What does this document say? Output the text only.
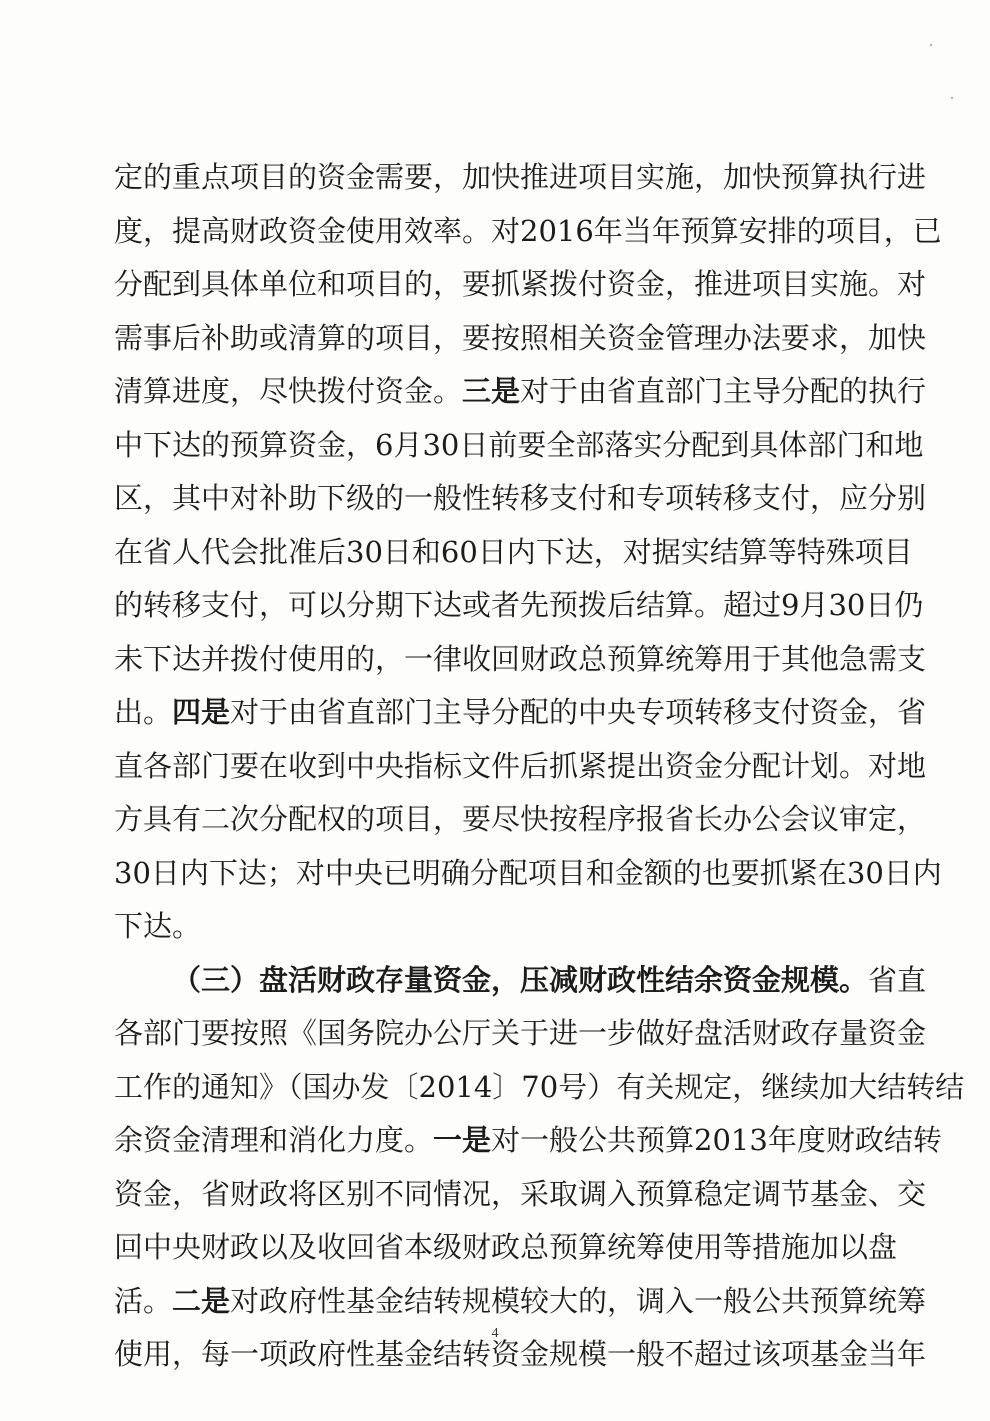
定的重点项目的资金需要，加快推进项目实施，加快预算执行进
度，提高财政资金使用效率。对2016年当年预算安排的项目，已
分配到具体单位和项目的，要抓紧拨付资金，推进项目实施。对
需事后补助或清算的项目，要按照相关资金管理办法要求，加快
清算进度，尽快拨付资金。三是对于由省直部门主导分配的执行
中下达的预算资金，6月30日前要全部落实分配到具体部门和地
区，其中对补助下级的一般性转移支付和专项转移支付，应分别
在省人代会批准后30日和60日内下达，对据实结算等特殊项目
的转移支付，可以分期下达或者先预拨后结算。超过9月30日仍
未下达并拨付使用的，一律收回财政总预算统筹用于其他急需支
出。四是对于由省直部门主导分配的中央专项转移支付资金，省
直各部门要在收到中央指标文件后抓紧提出资金分配计划。对地
方具有二次分配权的项目，要尽快按程序报省长办公会议审定，
30日内下达；对中央已明确分配项目和金额的也要抓紧在30日内
下达。
（三）盘活财政存量资金，压减财政性结余资金规模。省直
各部门要按照《国务院办公厅关于进一步做好盘活财政存量资金
工作的通知》（国办发〔2014〕70号）有关规定，继续加大结转结
余资金清理和消化力度。一是对一般公共预算2013年度财政结转
资金，省财政将区别不同情况，采取调入预算稳定调节基金、交
回中央财政以及收回省本级财政总预算统筹使用等措施加以盘
活。二是对政府性基金结转规模较大的，调入一般公共预算统筹
使用，每一项政府性基金结转资金规模一般不超过该项基金当年
4
